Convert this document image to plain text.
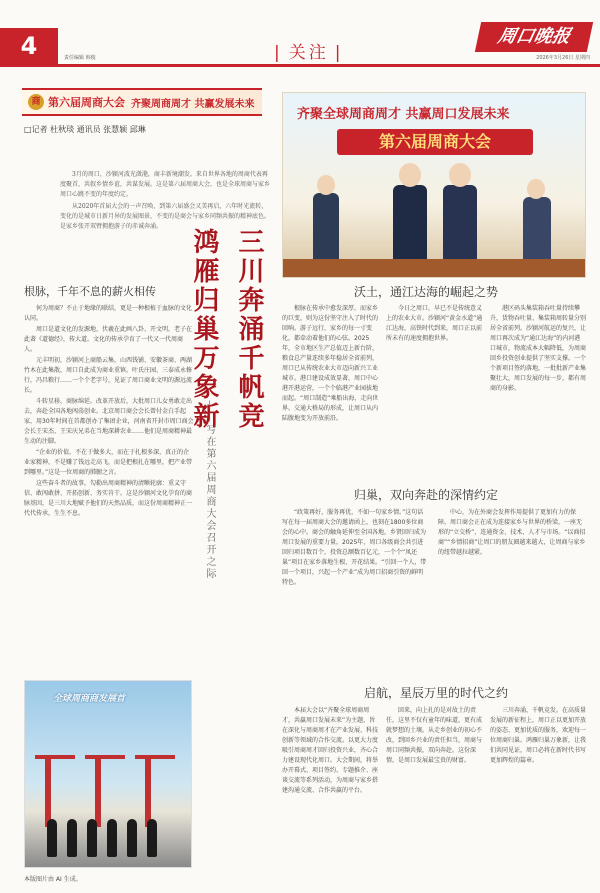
4	责任编辑 韩俊	| 关注 |
周口晚报
2026年3月26日 星期四
商 第六届周商大会 齐聚周商周才 共赢发展未来
□记者 杜秋琰 通讯员 张慧颖 邱琳

3月的周口，沙颍河波光潋滟，商丰新境潮发。来自世界各地的周商代表再度聚首，共叙乡情乡谊，共谋发展。这是第六届周商大会，也是全球周商与家乡周口心跳不变的年度约定。

从2020年首届大会的一声召唤，到第六届盛会又美再启，六年时光流转，变化的是城市日新月异的发展图景，不变的是商会与家乡同频共振的精神底色。是家乡张开双臂拥抱游子的赤诚奔涌。

三川奔涌千帆竞
鸿雁归巢万象新
——写在第六届周商大会召开之际
根脉，千年不息的薪火相传

何为周商？不止于地缘的联结，更是一种根植于血脉的文化认同。

周口是道文化的发源地，伏羲在此画八卦、开文明，老子在此著《道德经》，传大道。文化的传承孕育了一代又一代周商人。

元丰明初，沙颍河上商船云集，山西钱铺、安徽茶商、两湖竹木在此集散，周口自此成为商业重镇。叶氏庄园、三泰成永修行，冯昌粮行……一个个老字号，见证了周口商业文明的源远流长。

斗转星移，商脉绵延。改革开放后，大批周口儿女勇敢走出去，奔赴全国各地闯荡创业。北京周口商会会长曾付金白手起家，用30年时间在首都创办了集团企业，河南省开封市周口商会会长王宋杰、王宋庆兄弟在当地深耕农业……他们是周商精神最生动的注脚。

“企业的价值，不在于做多大，而在于扎根多深，真正的企业家精神，不是赚了钱远走高飞，而是把根扎在哪里，把产业带到哪里。”这是一位周商的肺腑之言。

这些奋斗者的故事，勾勒出周商精神的清晰轮廓：重义守信、敢闯敢拼、开拓创新、务实肯干。这是沙颍河文化孕育的商脉基因，是三川大地赋予他们的天然品质，而这份周商精神正一代代传承，生生不息。

全球周商商发展首
本版图片由 AI 生成。
齐聚全球周商周才 共赢周口发展未来
第六届周商大会
沃土，通江达海的崛起之势

根脉在传承中愈发深厚，而家乡的巨变，则为这份坚守注入了时代的回响。游子远行，家乡的每一寸变化，都牵动着他们的心弦。2025年，全市地区生产总值迈上新台阶，粮食总产量连续多年稳居全省前列，周口已从传统农业大市迈向新兴工业城市。港口建设成效显著，周口中心港开港运营，一个个临港产业园拔地而起。“周口制造”乘船出海，走向世界。交通大格局的形成，让周口从内陆腹地变为开放前沿。

今日之周口，早已不是传统意义上的农业大市。沙颍河“黄金水道”通江达海，高铁时代到来，周口正以前所未有的速度拥抱世界。

港区码头集装箱吞吐量持续攀升，货物吞吐量、集装箱周转量分别居全省前列。沙颍河航运的复兴，让周口再次成为“通江达海”的内河港口城市，物流成本大幅降低，为周商回乡投资创业提供了坚实支撑。一个个新项目签约落地，一批批新产业集聚壮大，周口发展的每一步，都有周商的身影。

归巢，双向奔赴的深情约定

“政策再好，服务再优，不如一句家乡情。”这句话写在每一届周商大会的邀请函上，也刻在1800多位商会的心中。商会的触角延伸至全国各地，乡贤回归成为周口发展的重要力量。2025年，周口各级商会共引进回归项目数百个，投资总额数百亿元，一个个“凤还巢”项目在家乡落地生根、开花结果。“引回一个人，带回一个项目，兴起一个产业”成为周口招商引资的鲜明特色。

中心，为在外商会发挥作用提供了更加有力的保障。周口商会正在成为连接家乡与世界的桥梁，一座无形的“立交桥”，连通资金、技术、人才与市场。“以商招商”“乡情招商”让周口的朋友圈越来越大，让周商与家乡的纽带越拉越紧。

启航，星辰万里的时代之约

本届大会以“齐聚全球周商周才，共赢周口发展未来”为主题，旨在深化与周商周才在产业发展、科技创新等领域的合作交流。以更大力度吸引周商周才回归投资兴业，齐心合力建设现代化周口。大会期间，将举办开幕式、项目签约、专题推介、座谈交流等系列活动，为周商与家乡搭建沟通交流、合作共赢的平台。

回来，向上扎的是对故土的责任，这里不仅有童年的味道，更有成就梦想的土壤。从走乡创业的初心不改，到回乡兴业的责任担当，周商与周口同频共振，双向奔赴。这份深情，是周口发展最宝贵的财富。

三川奔涌，千帆竞发。在高质量发展的新征程上，周口正以更加开放的姿态、更加优质的服务，欢迎每一位周商归巢。鸿雁归巢万象新，让我们共同见证，周口必将在新时代书写更加辉煌的篇章。
